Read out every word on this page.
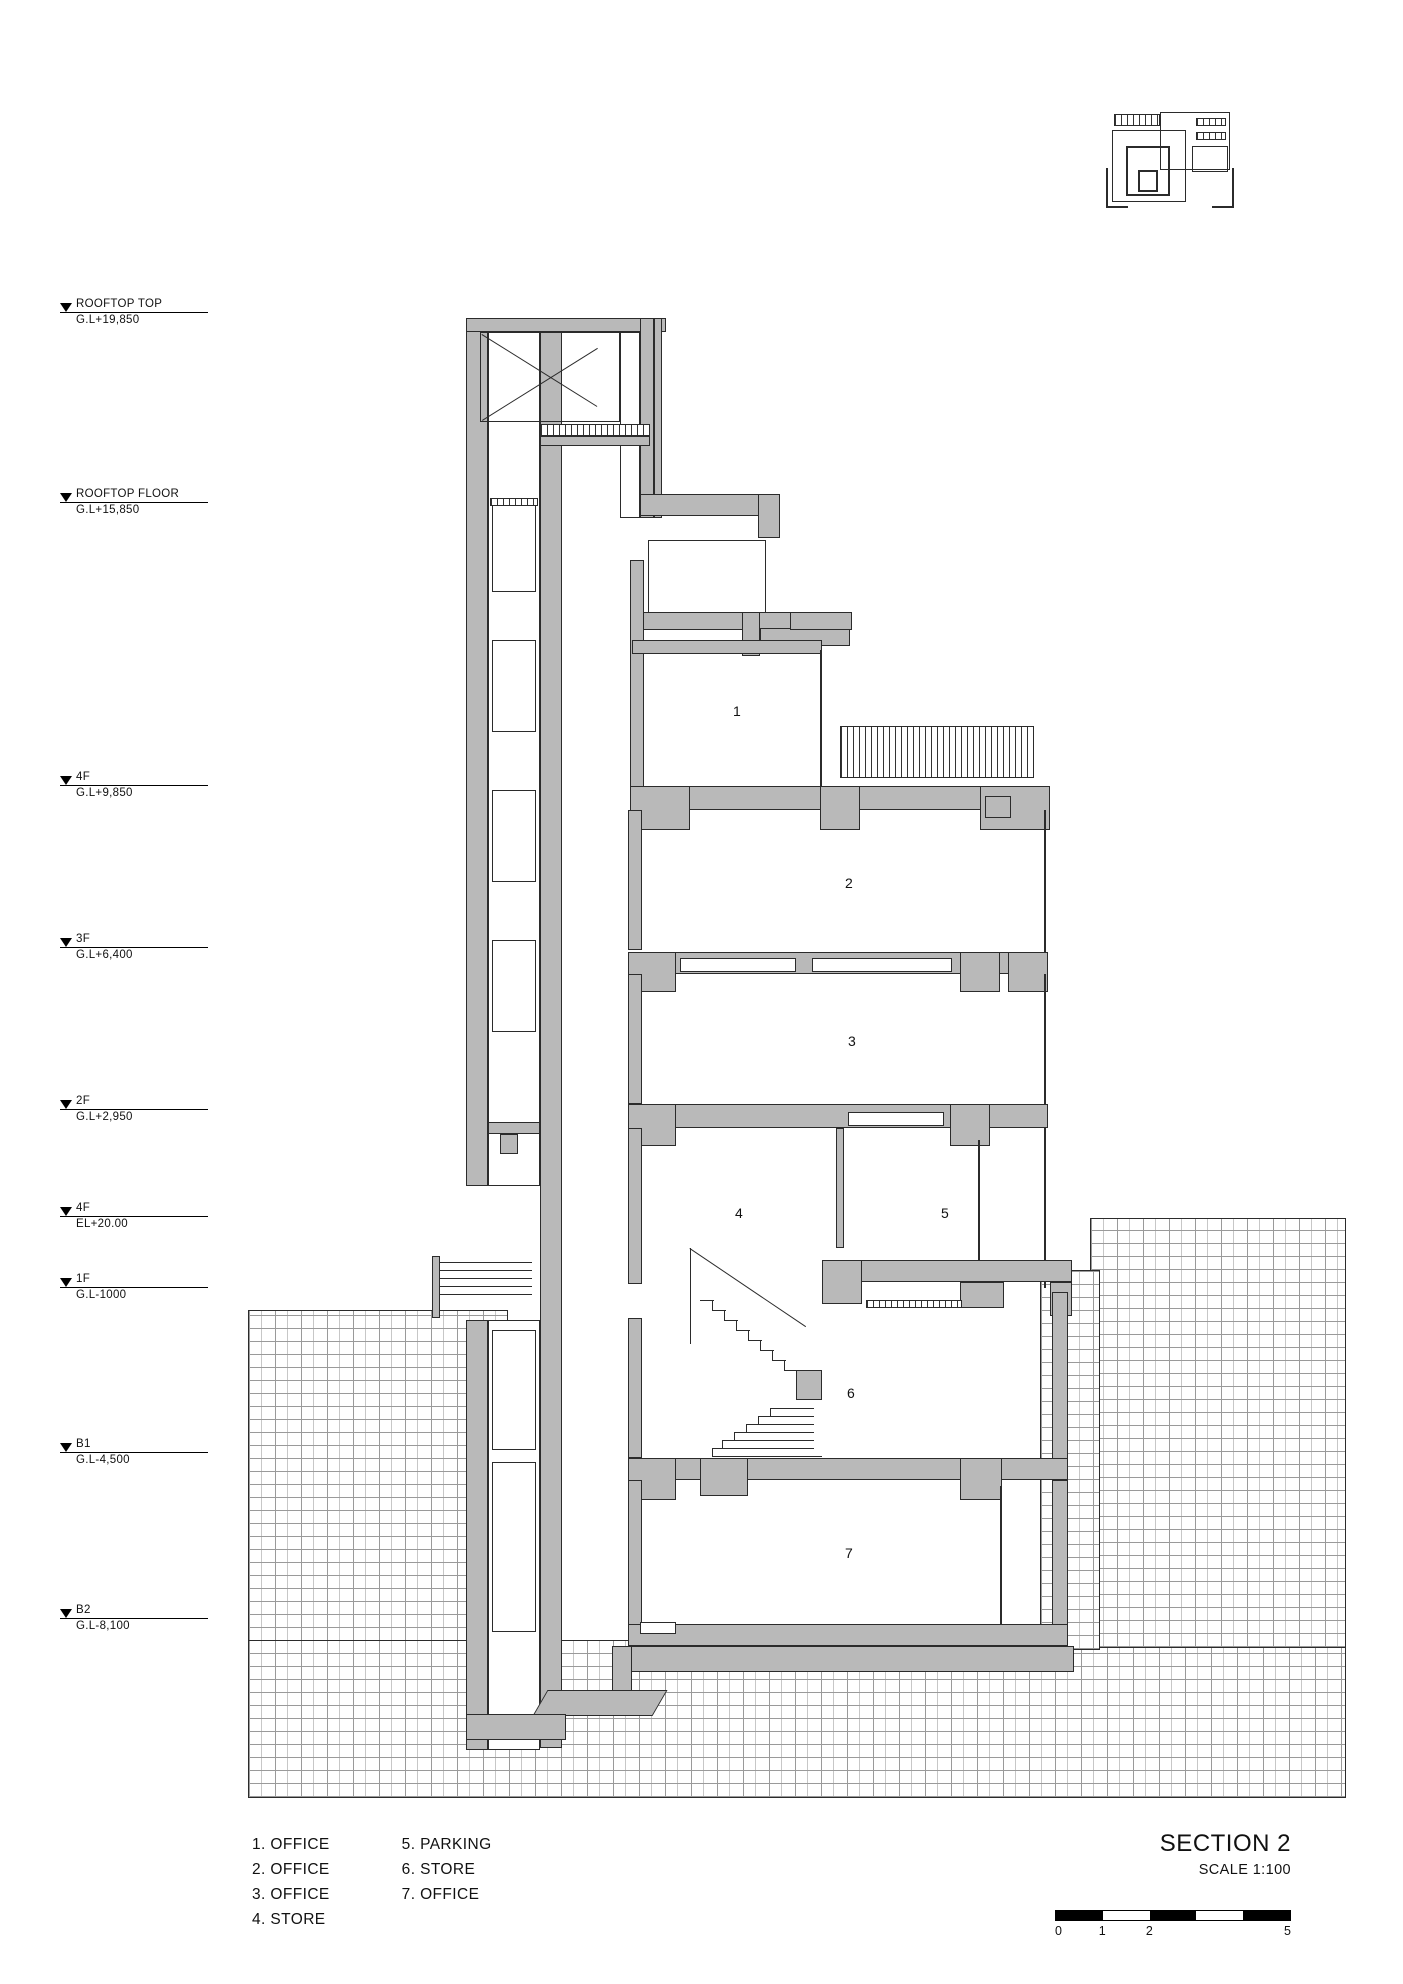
ROOFTOP TOP
G.L+19,850
ROOFTOP FLOOR
G.L+15,850
4F
G.L+9,850
3F
G.L+6,400
2F
G.L+2,950
4F
EL+20.00
1F
G.L-1000
B1
G.L-4,500
B2
G.L-8,100
1
2
3
4	5
6
7
1. OFFICE
2. OFFICE
3. OFFICE
4. STORE
5. PARKING
6. STORE
7. OFFICE
SECTION 2
SCALE 1:100
0	1	2	5
